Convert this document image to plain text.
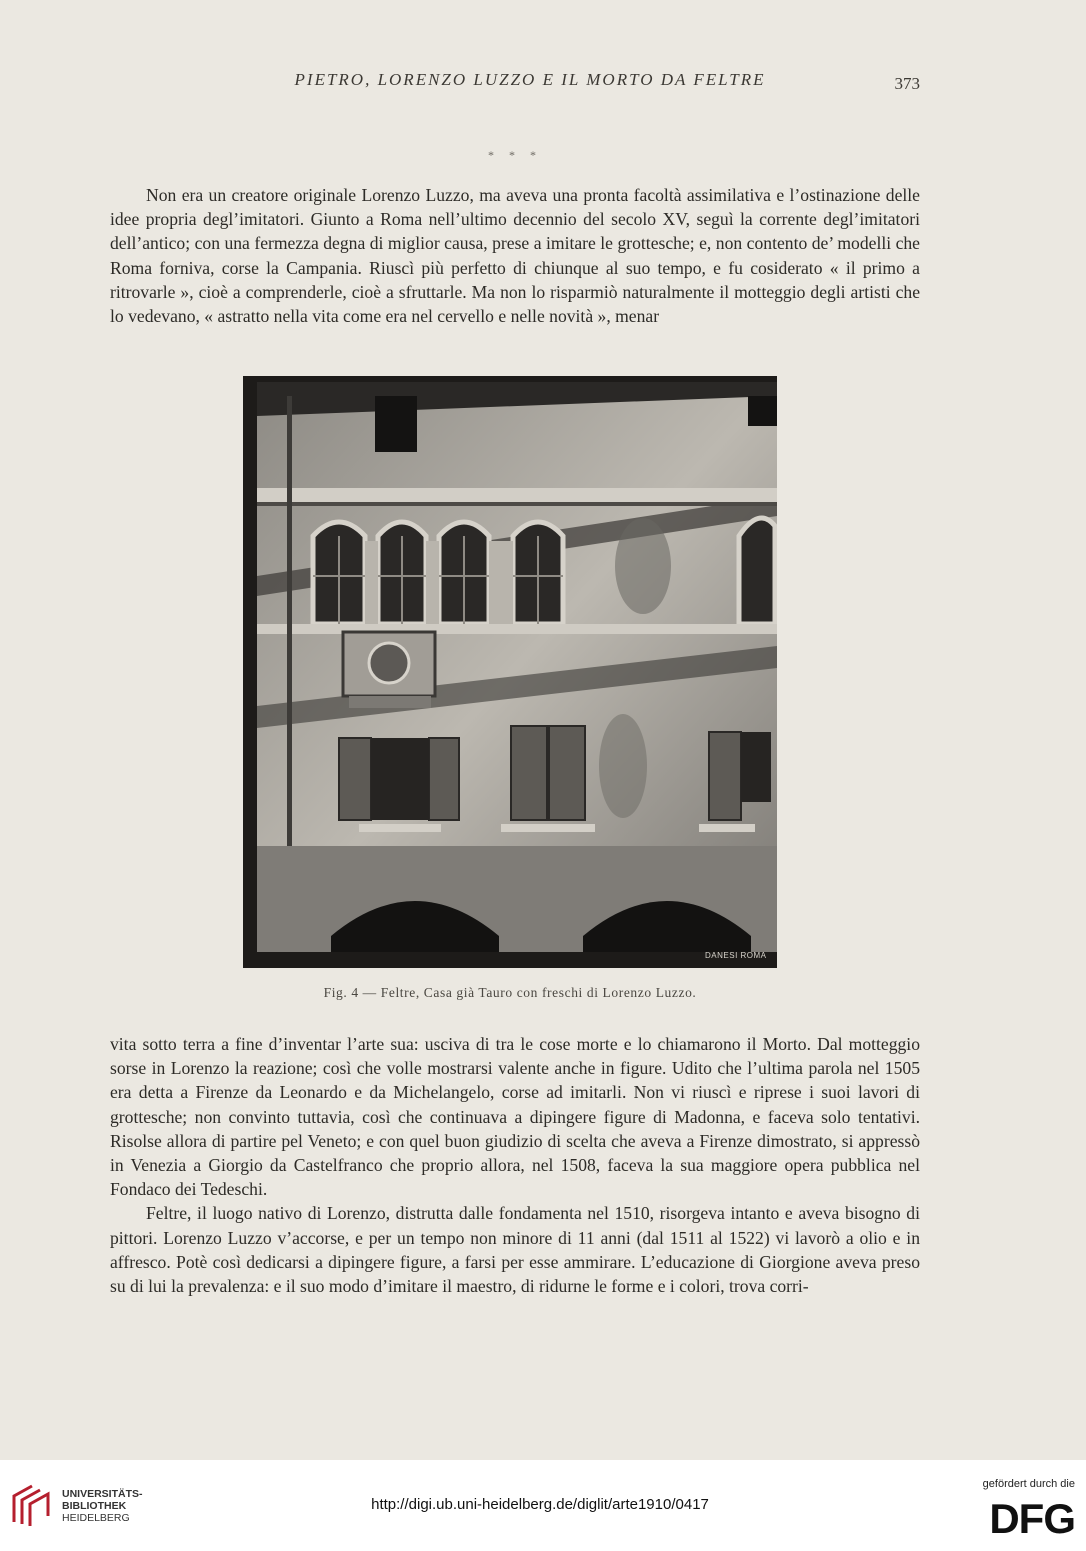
PIETRO, LORENZO LUZZO E IL MORTO DA FELTRE	373
* * *

Non era un creatore originale Lorenzo Luzzo, ma aveva una pronta facoltà assimilativa e l’ostinazione delle idee propria degl’imitatori. Giunto a Roma nell’ultimo decennio del secolo XV, seguì la corrente degl’imitatori dell’antico; con una fermezza degna di miglior causa, prese a imitare le grottesche; e, non contento de’ modelli che Roma forniva, corse la Campania. Riuscì più perfetto di chiunque al suo tempo, e fu cosiderato « il primo a ritrovarle », cioè a comprenderle, cioè a sfruttarle. Ma non lo risparmiò naturalmente il motteggio degli artisti che lo vedevano, « astratto nella vita come era nel cervello e nelle novità », menar

DANESI ROMA
Fig. 4 — Feltre, Casa già Tauro con freschi di Lorenzo Luzzo.

vita sotto terra a fine d’inventar l’arte sua: usciva di tra le cose morte e lo chiamarono il Morto. Dal motteggio sorse in Lorenzo la reazione; così che volle mostrarsi valente anche in figure. Udito che l’ultima parola nel 1505 era detta a Firenze da Leonardo e da Michelangelo, corse ad imitarli. Non vi riuscì e riprese i suoi lavori di grottesche; non convinto tuttavia, così che continuava a dipingere figure di Madonna, e faceva solo tentativi. Risolse allora di partire pel Veneto; e con quel buon giudizio di scelta che aveva a Firenze dimostrato, si appressò in Venezia a Giorgio da Castelfranco che proprio allora, nel 1508, faceva la sua maggiore opera pubblica nel Fondaco dei Tedeschi.

Feltre, il luogo nativo di Lorenzo, distrutta dalle fondamenta nel 1510, risorgeva intanto e aveva bisogno di pittori. Lorenzo Luzzo v’accorse, e per un tempo non minore di 11 anni (dal 1511 al 1522) vi lavorò a olio e in affresco. Potè così dedicarsi a dipingere figure, a farsi per esse ammirare. L’educazione di Giorgione aveva preso su di lui la prevalenza: e il suo modo d’imitare il maestro, di ridurne le forme e i colori, trova corri-

UNIVERSITÄTS-
BIBLIOTHEK
HEIDELBERG
http://digi.ub.uni-heidelberg.de/diglit/arte1910/0417
gefördert durch die
DFG
